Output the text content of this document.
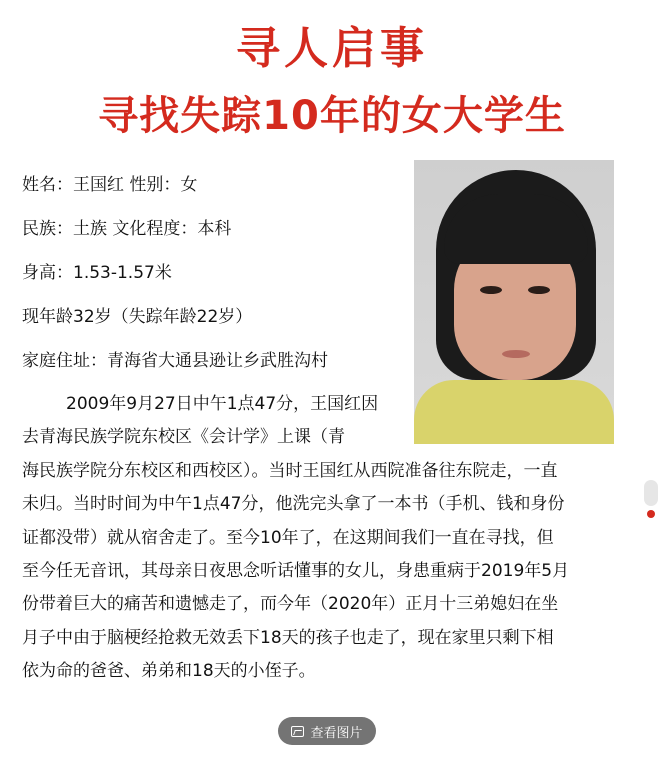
寻人启事
寻找失踪10年的女大学生
姓名：王国红 性别：女
民族：土族 文化程度：本科
身高：1.53-1.57米
现年龄32岁（失踪年龄22岁）
家庭住址：青海省大通县逊让乡武胜沟村

2009年9月27日中午1点47分，王国红因

去青海民族学院东校区《会计学》上课（青

海民族学院分东校区和西校区）。当时王国红从西院准备往东院走，一直

未归。当时时间为中午1点47分，他洗完头拿了一本书（手机、钱和身份

证都没带）就从宿舍走了。至今10年了，在这期间我们一直在寻找，但

至今任无音讯，其母亲日夜思念听话懂事的女儿，身患重病于2019年5月

份带着巨大的痛苦和遗憾走了，而今年（2020年）正月十三弟媳妇在坐

月子中由于脑梗经抢救无效丢下18天的孩子也走了，现在家里只剩下相

依为命的爸爸、弟弟和18天的小侄子。

查看图片
